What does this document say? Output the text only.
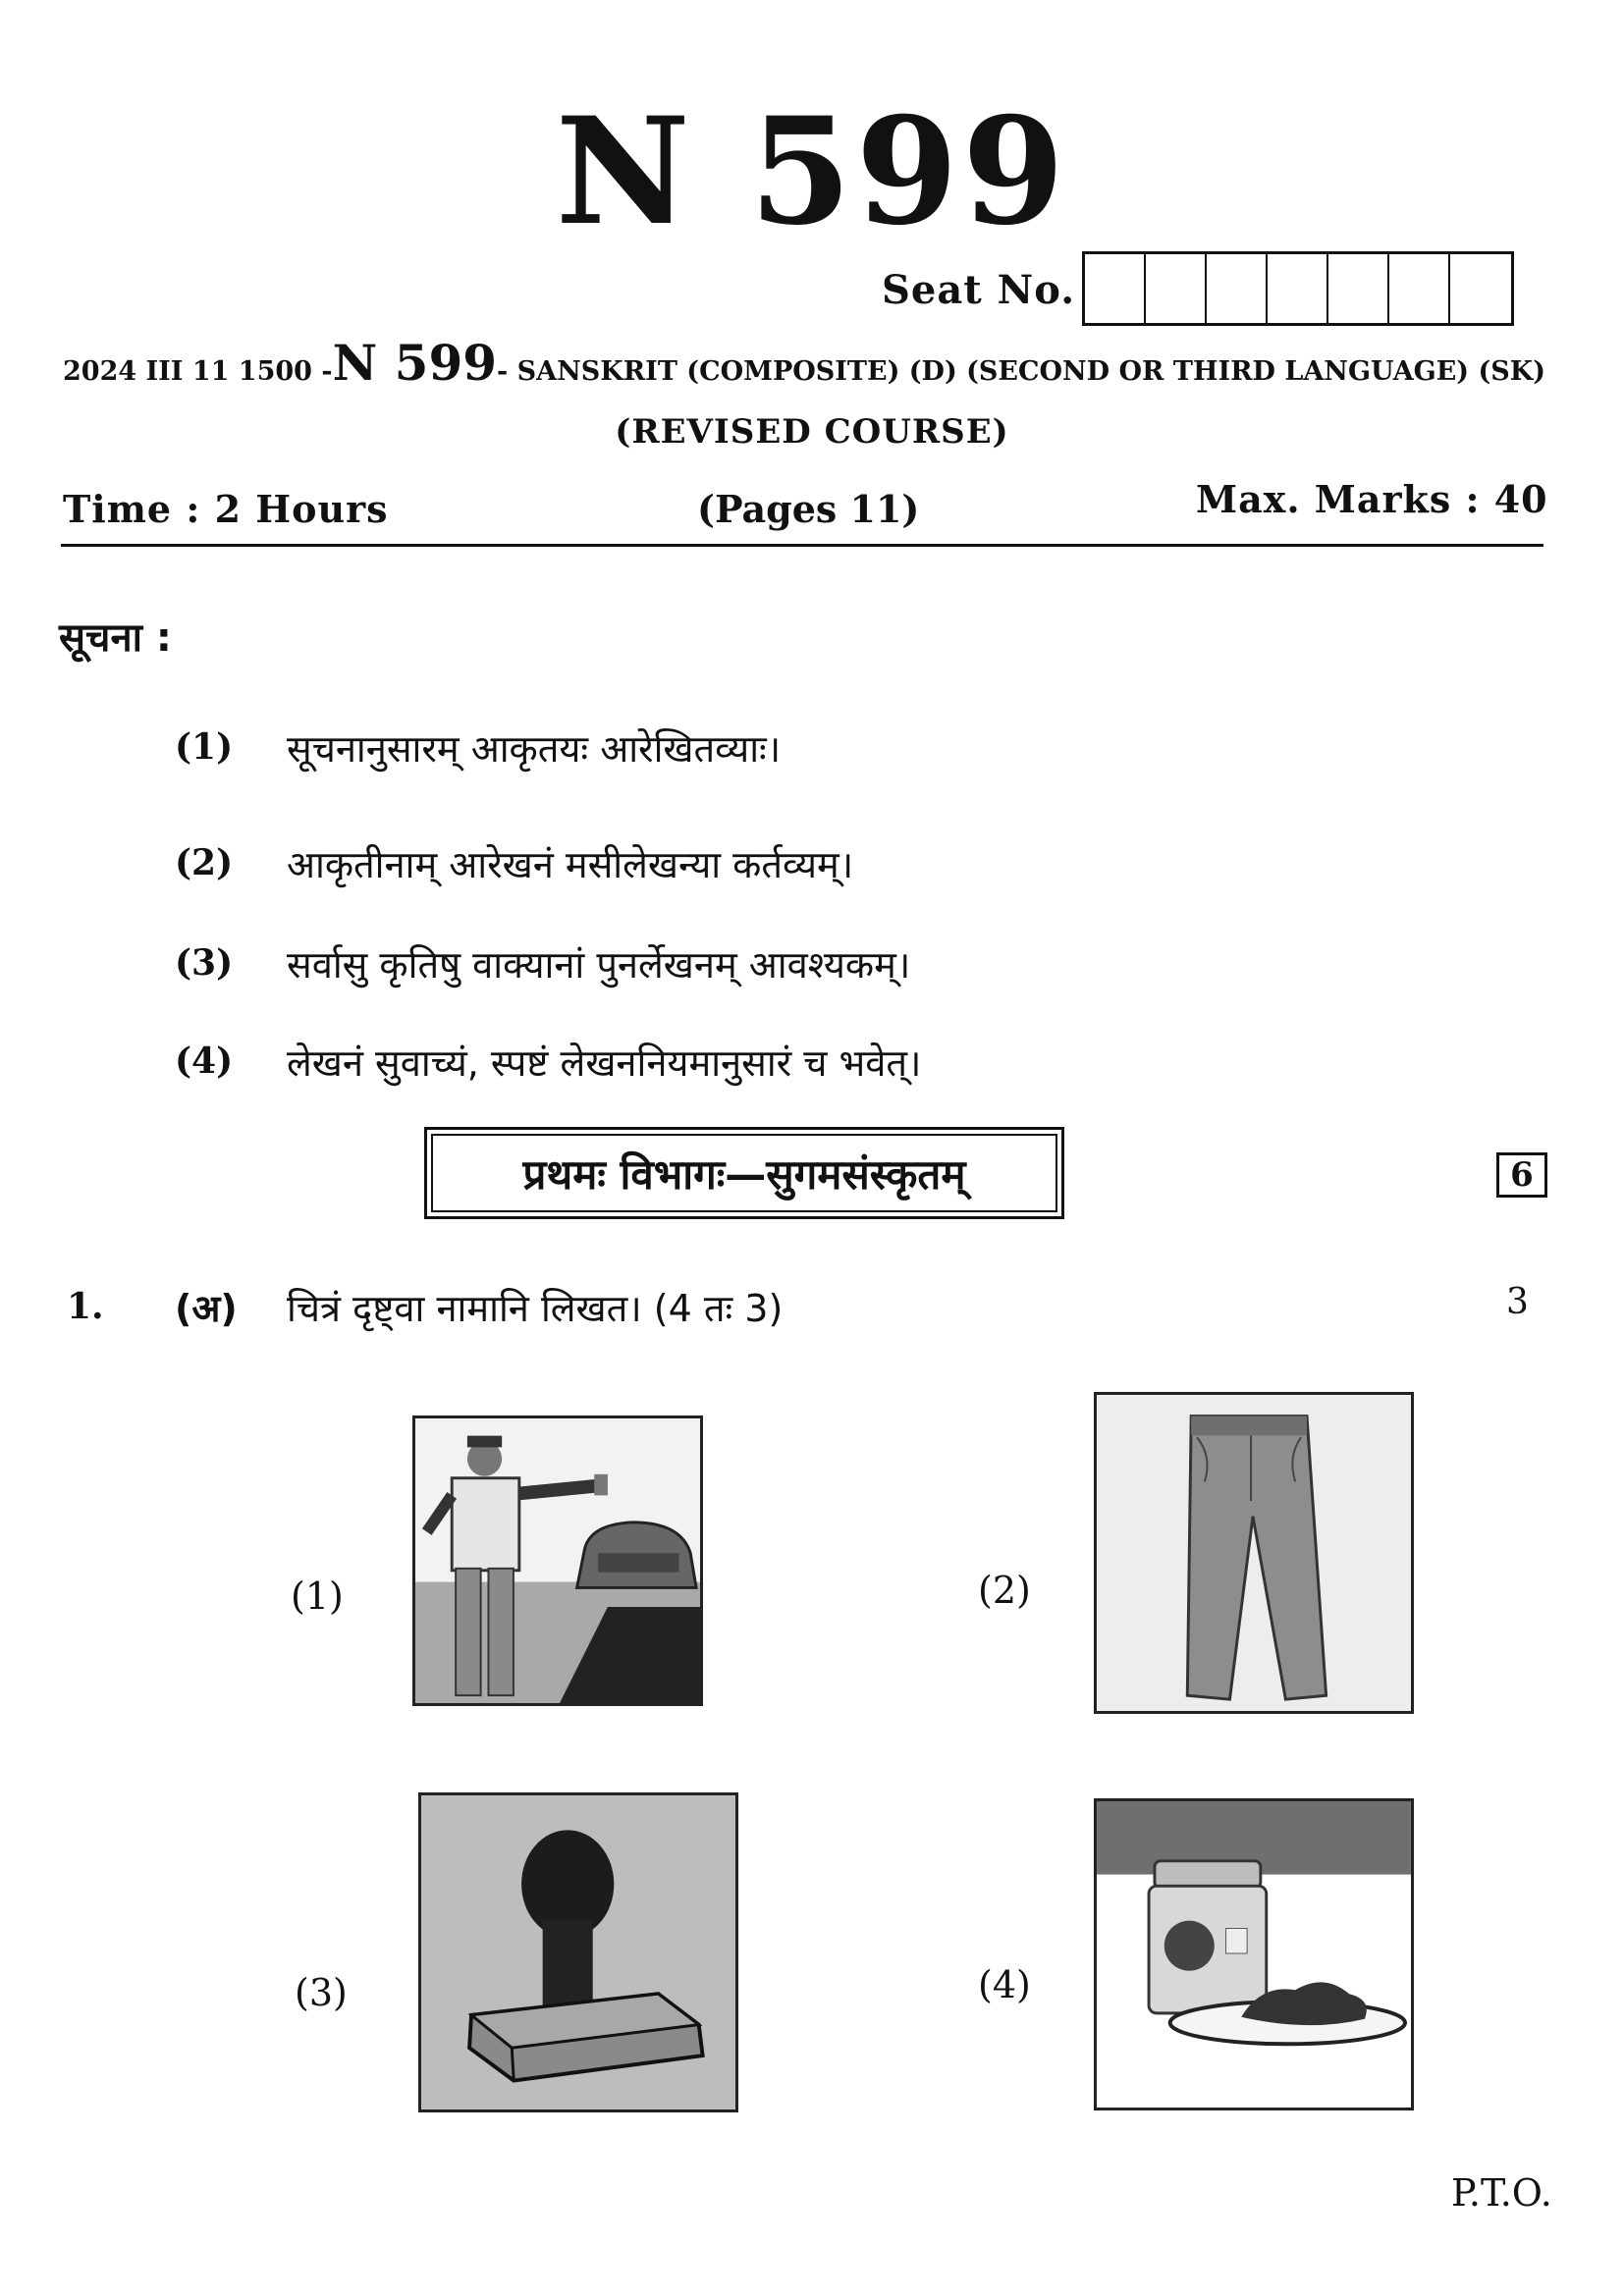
N 599
Seat No.
2024 III 11 1500 -N 599- SANSKRIT (COMPOSITE) (D) (SECOND OR THIRD LANGUAGE) (SK)
(REVISED COURSE)
Time : 2 Hours	(Pages 11)	Max. Marks : 40
सूचना :
(1) सूचनानुसारम् आकृतयः आरेखितव्याः।
(2) आकृतीनाम् आरेखनं मसीलेखन्या कर्तव्यम्।
(3) सर्वासु कृतिषु वाक्यानां पुनर्लेखनम् आवश्यकम्।
(4) लेखनं सुवाच्यं, स्पष्टं लेखननियमानुसारं च भवेत्।
प्रथमः विभागः—सुगमसंस्कृतम्	6
1. (अ) चित्रं दृष्ट्वा नामानि लिखत। (4 तः 3)	3
(1)	(2)
(3)	(4)
P.T.O.
